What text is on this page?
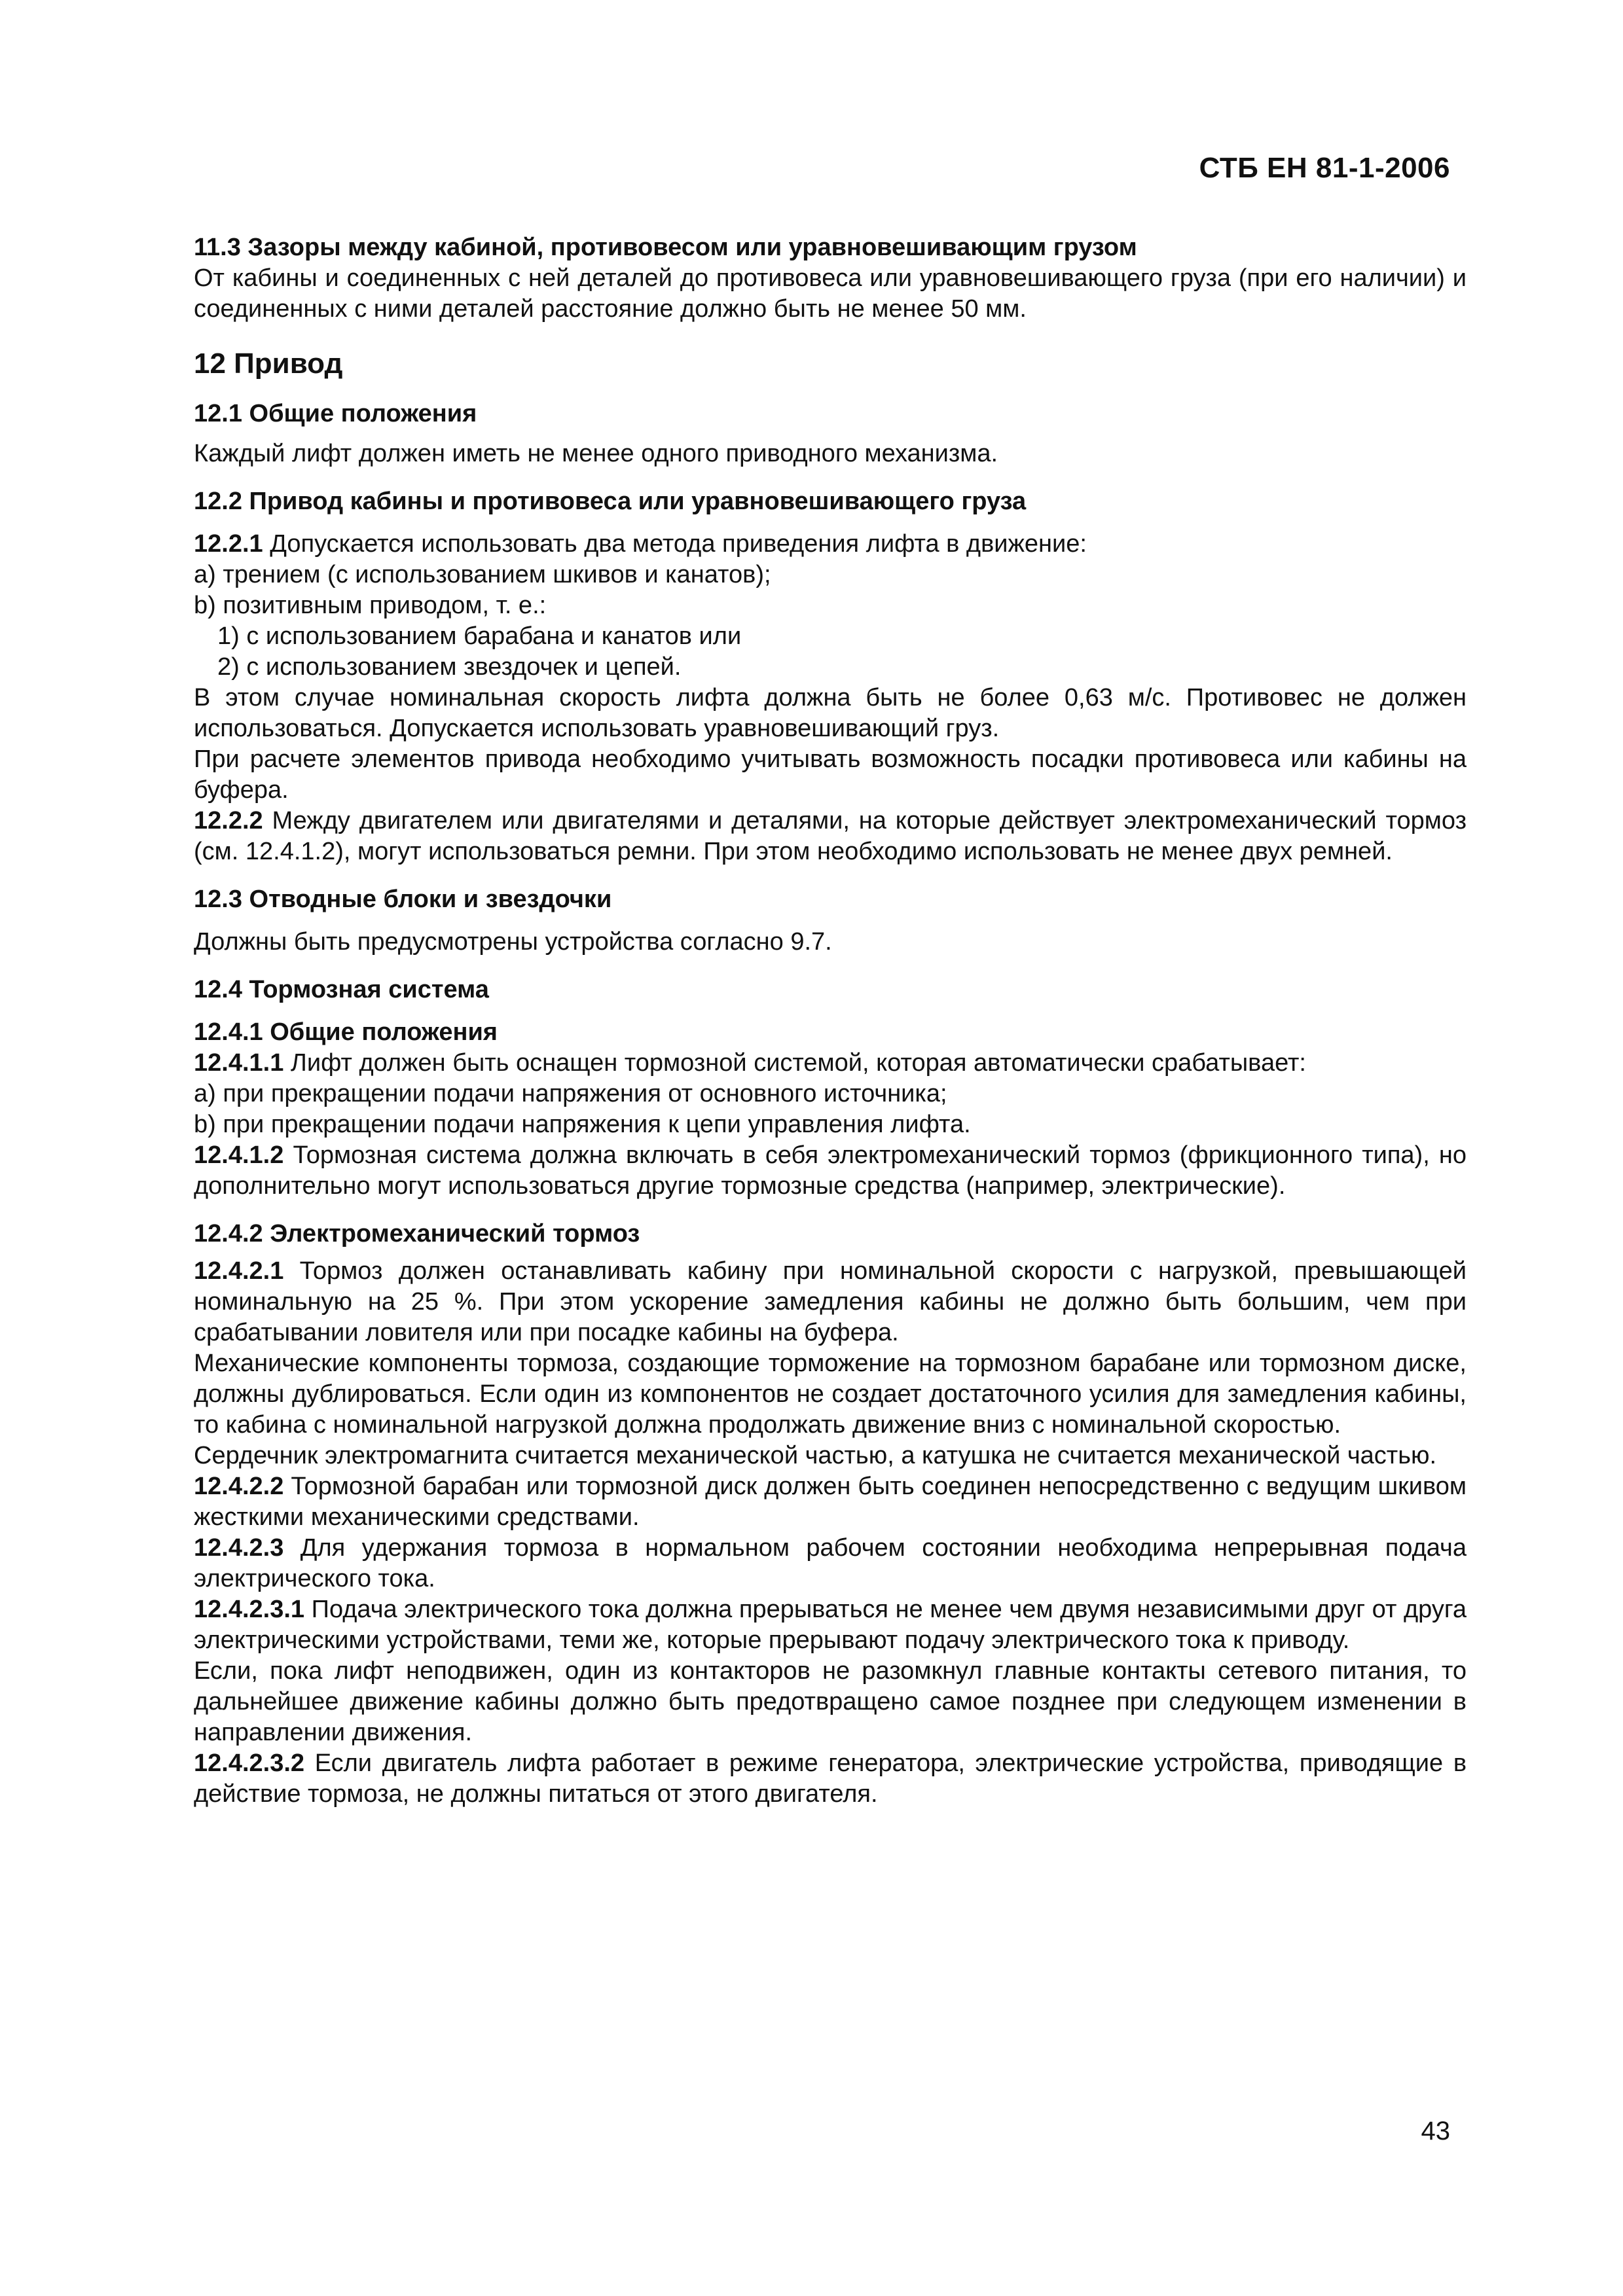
СТБ ЕН 81-1-2006

11.3 Зазоры между кабиной, противовесом или уравновешивающим грузом

От кабины и соединенных с ней деталей до противовеса или уравновешивающего груза (при его наличии) и соединенных с ними деталей расстояние должно быть не менее 50 мм.

12 Привод

12.1 Общие положения

Каждый лифт должен иметь не менее одного приводного механизма.

12.2 Привод кабины и противовеса или уравновешивающего груза

12.2.1 Допускается использовать два метода приведения лифта в движение:

а) трением (с использованием шкивов и канатов);

b) позитивным приводом, т. е.:

1) с использованием барабана и канатов или

2) с использованием звездочек и цепей.

В этом случае номинальная скорость лифта должна быть не более 0,63 м/с. Противовес не должен использоваться. Допускается использовать уравновешивающий груз.

При расчете элементов привода необходимо учитывать возможность посадки противовеса или кабины на буфера.

12.2.2 Между двигателем или двигателями и деталями, на которые действует электромеханический тормоз (см. 12.4.1.2), могут использоваться ремни. При этом необходимо использовать не менее двух ремней.

12.3 Отводные блоки и звездочки

Должны быть предусмотрены устройства согласно 9.7.

12.4 Тормозная система

12.4.1 Общие положения

12.4.1.1 Лифт должен быть оснащен тормозной системой, которая автоматически срабатывает:

а) при прекращении подачи напряжения от основного источника;

b) при прекращении подачи напряжения к цепи управления лифта.

12.4.1.2 Тормозная система должна включать в себя электромеханический тормоз (фрикционного типа), но дополнительно могут использоваться другие тормозные средства (например, электрические).

12.4.2 Электромеханический тормоз

12.4.2.1 Тормоз должен останавливать кабину при номинальной скорости с нагрузкой, превышающей номинальную на 25 %. При этом ускорение замедления кабины не должно быть большим, чем при срабатывании ловителя или при посадке кабины на буфера.

Механические компоненты тормоза, создающие торможение на тормозном барабане или тормозном диске, должны дублироваться. Если один из компонентов не создает достаточного усилия для замедления кабины, то кабина с номинальной нагрузкой должна продолжать движение вниз с номинальной скоростью.

Сердечник электромагнита считается механической частью, а катушка не считается механической частью.

12.4.2.2 Тормозной барабан или тормозной диск должен быть соединен непосредственно с ведущим шкивом жесткими механическими средствами.

12.4.2.3 Для удержания тормоза в нормальном рабочем состоянии необходима непрерывная подача электрического тока.

12.4.2.3.1 Подача электрического тока должна прерываться не менее чем двумя независимыми друг от друга электрическими устройствами, теми же, которые прерывают подачу электрического тока к приводу.

Если, пока лифт неподвижен, один из контакторов не разомкнул главные контакты сетевого питания, то дальнейшее движение кабины должно быть предотвращено самое позднее при следующем изменении в направлении движения.

12.4.2.3.2 Если двигатель лифта работает в режиме генератора, электрические устройства, приводящие в действие тормоза, не должны питаться от этого двигателя.

43
